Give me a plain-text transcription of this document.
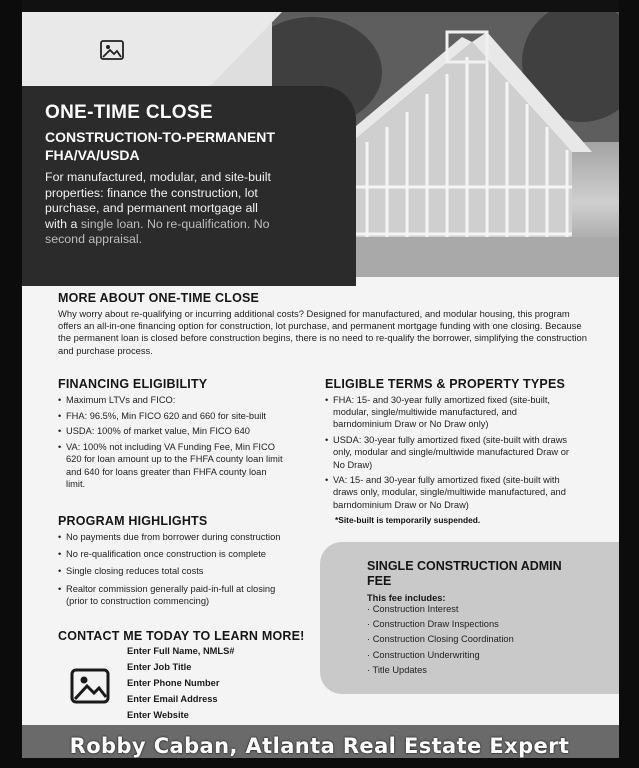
ONE-TIME CLOSE
CONSTRUCTION-TO-PERMANENT
FHA/VA/USDA
For manufactured, modular, and site-built properties: finance the construction, lot purchase, and permanent mortgage all with a single loan. No re-qualification. No second appraisal.
MORE ABOUT ONE-TIME CLOSE
Why worry about re-qualifying or incurring additional costs? Designed for manufactured, and modular housing, this program offers an all-in-one financing option for construction, lot purchase, and permanent mortgage funding with one closing. Because the permanent loan is closed before construction begins, there is no need to re-qualify the borrower, simplifying the construction and purchase process.
FINANCING ELIGIBILITY
• Maximum LTVs and FICO:
• FHA: 96.5%, Min FICO 620 and 660 for site-built
• USDA: 100% of market value, Min FICO 640
• VA: 100% not including VA Funding Fee, Min FICO 620 for loan amount up to the FHFA county loan limit and 640 for loans greater than FHFA county loan limit.
ELIGIBLE TERMS & PROPERTY TYPES
• FHA: 15- and 30-year fully amortized fixed (site-built, modular, single/multiwide manufactured, and barndominium Draw or No Draw only)
• USDA: 30-year fully amortized fixed (site-built with draws only, modular and single/multiwide manufactured Draw or No Draw)
• VA: 15- and 30-year fully amortized fixed (site-built with draws only, modular, single/multiwide manufactured, and barndominium Draw or No Draw)
*Site-built is temporarily suspended.
PROGRAM HIGHLIGHTS
• No payments due from borrower during construction
• No re-qualification once construction is complete
• Single closing reduces total costs
• Realtor commission generally paid-in-full at closing (prior to construction commencing)
SINGLE CONSTRUCTION ADMIN FEE
This fee includes:
· Construction Interest
· Construction Draw Inspections
· Construction Closing Coordination
· Construction Underwriting
· Title Updates
CONTACT ME TODAY TO LEARN MORE!
Enter Full Name, NMLS#
Enter Job Title
Enter Phone Number
Enter Email Address
Enter Website
Robby Caban, Atlanta Real Estate Expert
